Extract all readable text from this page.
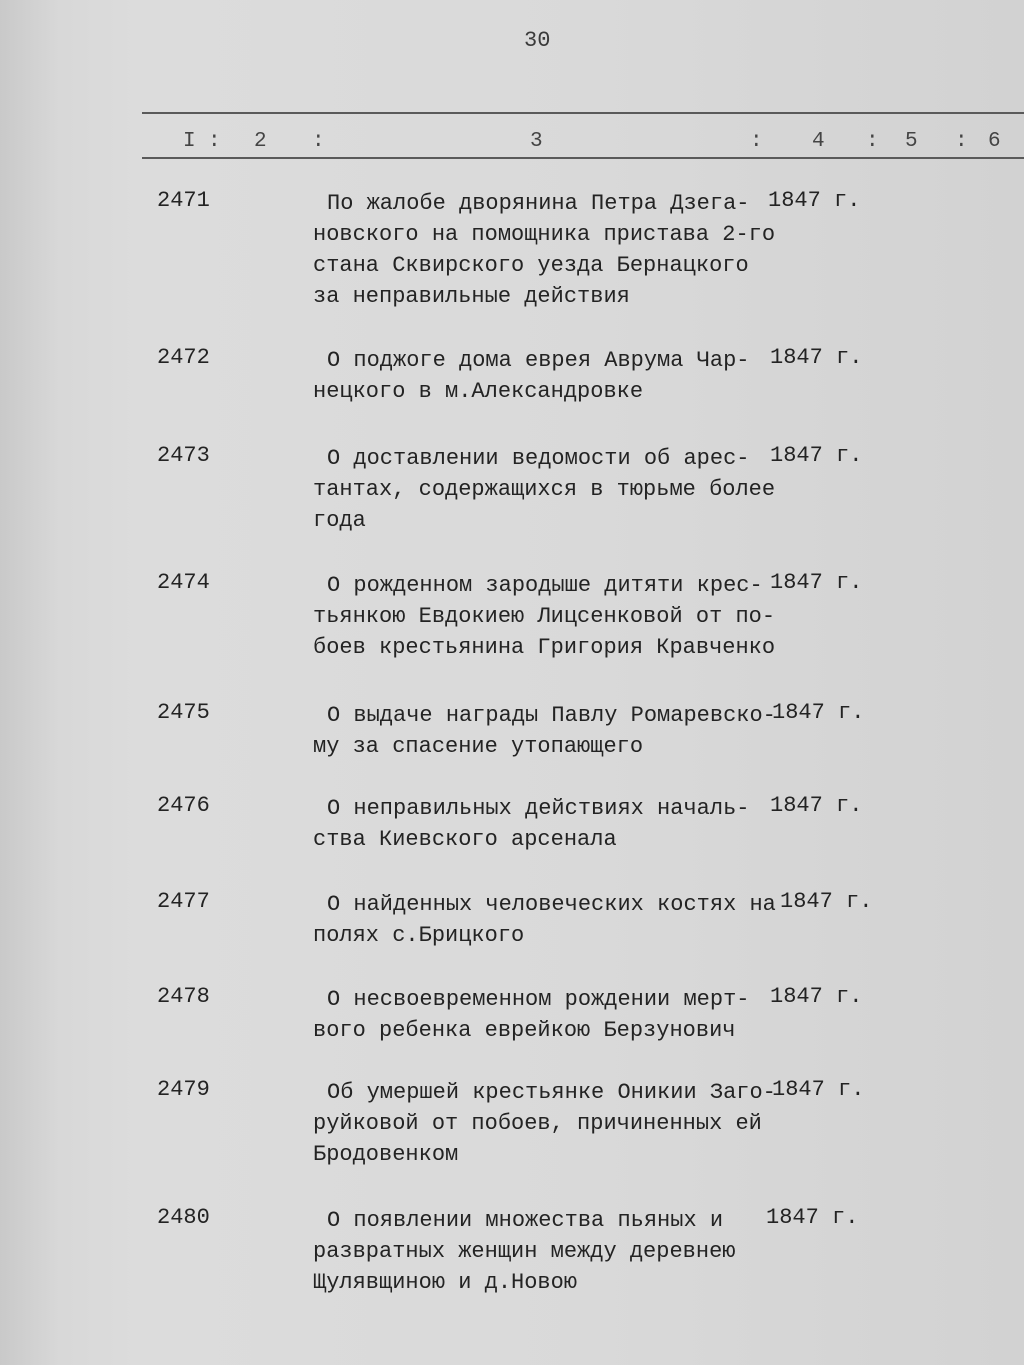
30
I : 2 :	3	: 4 : 5 : 6
2471	По жалобе дворянина Петра Дзега-
новского на помощника пристава 2-го
стана Сквирского уезда Бернацкого
за неправильные действия
1847 г.
2472	О поджоге дома еврея Аврума Чар-
нецкого в м.Александровке
1847 г.
2473	О доставлении ведомости об арес-
тантах, содержащихся в тюрьме более
года
1847 г.
2474	О рожденном зародыше дитяти крес-
тьянкою Евдокиею Лицсенковой от по-
боев крестьянина Григория Кравченко
1847 г.
2475	О выдаче награды Павлу Ромаревско-
му за спасение утопающего
1847 г.
2476	О неправильных действиях началь-
ства Киевского арсенала
1847 г.
2477	О найденных человеческих костях на
полях с.Брицкого
1847 г.
2478	О несвоевременном рождении мерт-
вого ребенка еврейкою Берзунович
1847 г.
2479	Об умершей крестьянке Оникии Заго-
руйковой от побоев, причиненных ей
Бродовенком
1847 г.
2480	О появлении множества пьяных и
развратных женщин между деревнею
Щулявщиною и д.Новою
1847 г.
